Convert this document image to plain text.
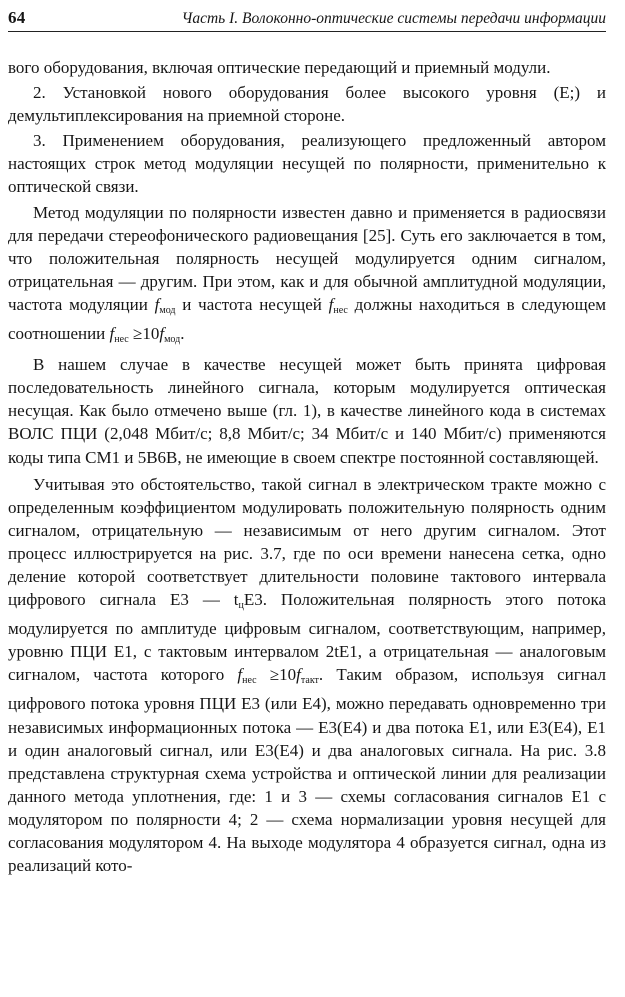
64	Часть I. Волоконно-оптические системы передачи информации

вого оборудования, включая оптические передающий и приемный модули.

2. Установкой нового оборудования более высокого уровня (E;) и демультиплексирования на приемной стороне.

3. Применением оборудования, реализующего предложенный автором настоящих строк метод модуляции несущей по полярности, применительно к оптической связи.

Метод модуляции по полярности известен давно и применяется в радиосвязи для передачи стереофонического радиовещания [25]. Суть его заключается в том, что положительная полярность несущей модулируется одним сигналом, отрицательная — другим. При этом, как и для обычной амплитудной модуляции, частота модуляции $f_{мод}$ и частота несущей $f_{нес}$ должны находиться в следующем соотношении $f_{нес} \ge 10f_{мод}$.

В нашем случае в качестве несущей может быть принята цифровая последовательность линейного сигнала, которым модулируется оптическая несущая. Как было отмечено выше (гл. 1), в качестве линейного кода в системах ВОЛС ПЦИ (2,048 Мбит/с; 8,8 Мбит/с; 34 Мбит/с и 140 Мбит/с) применяются коды типа CM1 и 5B6B, не имеющие в своем спектре постоянной составляющей.

Учитывая это обстоятельство, такой сигнал в электрическом тракте можно с определенным коэффициентом модулировать положительную полярность одним сигналом, отрицательную — независимым от него другим сигналом. Этот процесс иллюстрируется на рис. 3.7, где по оси времени нанесена сетка, одно деление которой соответствует длительности половине тактового интервала цифрового сигнала E3 — $t_цE3$. Положительная полярность этого потока модулируется по амплитуде цифровым сигналом, соответствующим, например, уровню ПЦИ E1, с тактовым интервалом 2tE1, а отрицательная — аналоговым сигналом, частота которого $f_{нес} \ge 10f_{такт}$. Таким образом, используя сигнал цифрового потока уровня ПЦИ E3 (или E4), можно передавать одновременно три независимых информационных потока — E3(E4) и два потока E1, или E3(E4), E1 и один аналоговый сигнал, или E3(E4) и два аналоговых сигнала. На рис. 3.8 представлена структурная схема устройства и оптической линии для реализации данного метода уплотнения, где: 1 и 3 — схемы согласования сигналов E1 с модулятором по полярности 4; 2 — схема нормализации уровня несущей для согласования модулятором 4. На выходе модулятора 4 образуется сигнал, одна из реализаций кото-
